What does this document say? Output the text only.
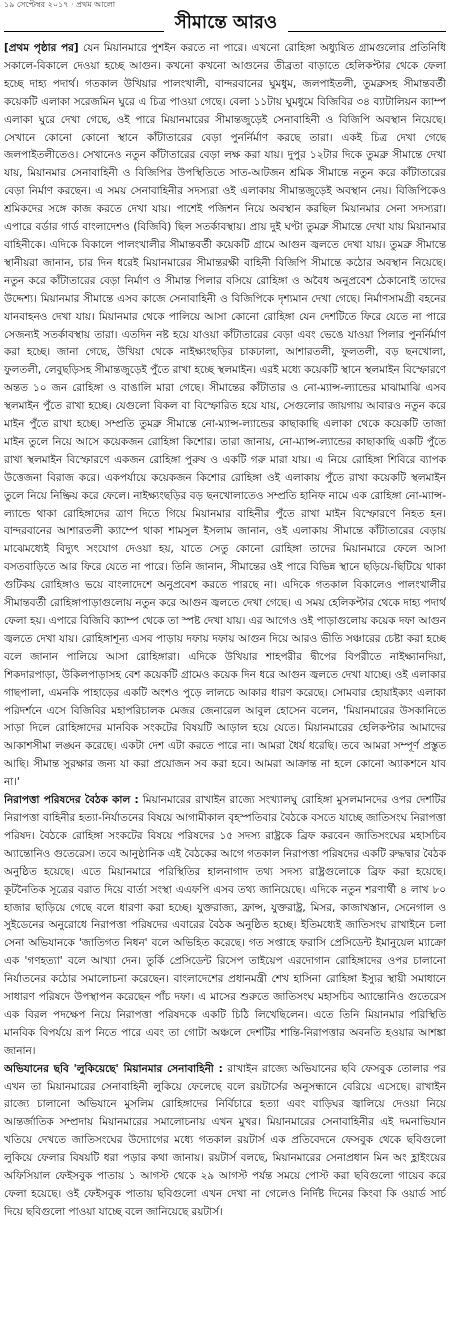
১৯ সেপ্টেম্বর ২০১৭ · প্রথম আলো
সীমান্তে আরও

[প্রথম পৃষ্ঠার পর] যেন মিয়ানমারে পুশইন করতে না পারে। এখনো রোহিঙ্গা অধ্যুষিত গ্রামগুলোর প্রতিনিধি সকালে-বিকালে দেওয়া হচ্ছে আগুন। কখনো কখনো আগুনের তীব্রতা বাড়াতে হেলিকপ্টার থেকে ফেলা হচ্ছে দাহ্য পদার্থ। গতকাল উখিয়ার পালংখালী, বান্দরবানের ঘুমধুম, জলপাইতলী, তুমব্রুসহ সীমান্তবর্তী কয়েকটি এলাকা সরেজমিন ঘুরে এ চিত্র পাওয়া গেছে। বেলা ১১টায় ঘুমধুমে বিজিবির ৩৪ ব্যাটালিয়ন ক্যাম্প এলাকা ঘুরে দেখা গেছে, ওই পারে মিয়ানমারের সীমান্তজুড়েই সেনাবাহিনী ও বিজিপি অবস্থান নিয়েছে। সেখানে কোনো কোনো স্থানে কাঁটাতারের বেড়া পুনর্নির্মাণ করছে তারা। একই চিত্র দেখা গেছে জলপাইতলীতেও। সেখানেও নতুন কাঁটাতারের বেড়া লক্ষ করা যায়। দুপুর ১২টার দিকে তুমব্রু সীমান্তে দেখা যায়, মিয়ানমার সেনাবাহিনী ও বিজিপির উপস্থিতিতে সাত-আটজন শ্রমিক সীমান্তে নতুন করে কাঁটাতারের বেড়া নির্মাণ করছেন। এ সময় সেনাবাহিনীর সদস্যরা ওই এলাকায় সীমান্তজুড়েই অবস্থান নেয়। বিজিপিকেও শ্রমিকদের সঙ্গে কাজ করতে দেখা যায়। পাশেই পজিশন নিয়ে অবস্থান করছিল মিয়ানমার সেনা সদস্যরা। এপারে বর্ডার গার্ড বাংলাদেশও (বিজিবি) ছিল সতর্কাবস্থায়। প্রায় দুই ঘণ্টা তুমব্রু সীমান্তে দেখা যায় মিয়ানমার বাহিনীকে। এদিকে বিকালে পালংখালীর সীমান্তবর্তী কয়েকটি গ্রামে আগুন জ্বলতে দেখা যায়। তুমব্রু সীমান্তে স্থানীয়রা জানান, চার দিন ধরেই মিয়ানমারের সীমান্তরক্ষী বাহিনী বিজিপি সীমান্তে কঠোর অবস্থান নিয়েছে। নতুন করে কাঁটাতারের বেড়া নির্মাণ ও সীমান্ত পিলার বসিয়ে রোহিঙ্গা ও অবৈধ অনুপ্রবেশ ঠেকানোই তাদের উদ্দেশ্য। মিয়ানমার সীমান্তে এসব কাজে সেনাবাহিনী ও বিজিপিকে দৃশ্যমান দেখা গেছে। নির্মাণসামগ্রী বহনের যানবাহনও দেখা যায়। মিয়ানমার থেকে পালিয়ে আসা কোনো রোহিঙ্গা যেন দেশটিতে ফিরে যেতে না পারে সেজন্যই সতর্কাবস্থায় তারা। এতদিন নষ্ট হয়ে যাওয়া কাঁটাতারের বেড়া এবং ভেঙে যাওয়া পিলার পুনর্নির্মাণ করা হচ্ছে। জানা গেছে, উখিয়া থেকে নাইক্ষ্যংছড়ির চাকঢালা, আশারতলী, ফুলতলী, বড় ছনখোলা, ফুলতলী, লেবুছড়িসহ সীমান্তজুড়েই পুঁতে রাখা হচ্ছে স্থলমাইন। এরই মধ্যে কয়েকটি স্থানে স্থলমাইন বিস্ফোরণে অন্তত ১০ জন রোহিঙ্গা ও বাঙালি মারা গেছে। সীমান্তের কাঁটাতার ও নো-ম্যান্স-ল্যান্ডের মাঝামাঝি এসব স্থলমাইন পুঁতে রাখা হচ্ছে। যেগুলো বিকল বা বিস্ফোরিত হয়ে যায়, সেগুলোর জায়গায় আবারও নতুন করে মাইন পুঁতে রাখা হচ্ছে। সম্প্রতি তুমব্রু সীমান্তে নো-ম্যান্স-ল্যান্ডের কাছাকাছি এলাকা থেকে কয়েকটি তাজা মাইন তুলে নিয়ে আসে কয়েকজন রোহিঙ্গা কিশোর। তারা জানায়, নো-ম্যান্স-ল্যান্ডের কাছাকাছি একটি পুঁতে রাখা স্থলমাইন বিস্ফোরণে একজন রোহিঙ্গা পুরুষ ও একটি গরু মারা যায়। এ নিয়ে রোহিঙ্গা শিবিরে ব্যাপক উত্তেজনা বিরাজ করে। একপর্যায়ে কয়েকজন কিশোর রোহিঙ্গা ওই এলাকায় পুঁতে রাখা কয়েকটি স্থলমাইন তুলে নিয়ে নিষ্ক্রিয় করে ফেলে। নাইক্ষ্যংছড়ির বড় ছনখোলাতেও সম্প্রতি হানিফ নামে এক রোহিঙ্গা নো-ম্যান্স-ল্যান্ডে থাকা রোহিঙ্গাদের ত্রাণ দিতে গিয়ে মিয়ানমার বাহিনীর পুঁতে রাখা মাইন বিস্ফোরণে নিহত হন। বান্দরবানের আশারতলী ক্যাম্পে থাকা শামসুল ইসলাম জানান, ওই এলাকায় সীমান্তে কাঁটাতারের বেড়ায় মাঝেমধ্যেই বিদ্যুৎ সংযোগ দেওয়া হয়, যাতে সেতু কোনো রোহিঙ্গা তাদের মিয়ানমারে ফেলে আসা বসতবাড়িতে আর ফিরে যেতে না পারে। তিনি জানান, সীমান্তের ওই পারে বিভিন্ন স্থানে ছড়িয়ে-ছিটিয়ে থাকা গুটিকয় রোহিঙ্গাও ভয়ে বাংলাদেশে অনুপ্রবেশ করতে পারছে না। এদিকে গতকাল বিকালেও পালংখালীর সীমান্তবর্তী রোহিঙ্গাপাড়াগুলোয় নতুন করে আগুন জ্বলতে দেখা গেছে। এ সময় হেলিকপ্টার থেকে দাহ্য পদার্থ ফেলা হয়। এপারে বিজিবি ক্যাম্প থেকে তা স্পষ্ট দেখা যায়। এর আগেও ওই পাড়াগুলোয় কয়েক দফা আগুন জ্বলতে দেখা যায়। রোহিঙ্গাশূন্য এসব পাড়ায় দফায় দফায় আগুন দিয়ে আরও ভীতি সঞ্চারের চেষ্টা করা হচ্ছে বলে জানান পালিয়ে আসা রোহিঙ্গারা। এদিকে উখিয়ার শাহপরীর দ্বীপের বিপরীতে নাইক্ষ্যানদিয়া, শিকদারপাড়া, উকিলপাড়াসহ বেশ কয়েকটি গ্রামেও কয়েক দিন ধরে আগুন জ্বলতে দেখা যাচ্ছে। ওই এলাকার গাছপালা, এমনকি পাহাড়ের একটি অংশও পুড়ে লালচে আকার ধারণ করেছে। সোমবার হোয়াইক্যং এলাকা পরিদর্শনে এসে বিজিবির মহাপরিচালক মেজর জেনারেল আবুল হোসেন বলেন, 'মিয়ানমারের উসকানিতে সাড়া দিলে রোহিঙ্গাদের মানবিক সংকটের বিষয়টি আড়াল হয়ে যেতে। মিয়ানমারের হেলিকপ্টার আমাদের আকাশসীমা লঙ্ঘন করেছে। একটা দেশ এটা করতে পারে না। আমরা ধৈর্য ধরেছি। তবে আমরা সম্পূর্ণ প্রস্তুত আছি। সীমান্ত সুরক্ষার জন্য যা করা প্রয়োজন সব করা হবে। আমরা আক্রান্ত না হলে কোনো অ্যাকশনে যাব না।'

নিরাপত্তা পরিষদের বৈঠক কাল : মিয়ানমারের রাখাইন রাজ্যে সংখ্যালঘু রোহিঙ্গা মুসলমানদের ওপর দেশটির নিরাপত্তা বাহিনীর হত্যা-নির্যাতনের বিষয়ে আগামীকাল বৃহস্পতিবার বৈঠকে বসতে যাচ্ছে জাতিসংঘ নিরাপত্তা পরিষদ। বৈঠকে রোহিঙ্গা সংকটের বিষয়ে পরিষদের ১৫ সদস্য রাষ্ট্রকে ব্রিফ করবেন জাতিসংঘের মহাসচিব অ্যান্তোনিও গুতেরেস। তবে আনুষ্ঠানিক এই বৈঠকের আগে গতকাল নিরাপত্তা পরিষদের একটি রুদ্ধদ্বার বৈঠক অনুষ্ঠিত হয়েছে। এতে মিয়ানমারে পরিস্থিতির হালনাগাদ তথ্য সদস্য রাষ্ট্রগুলোকে ব্রিফ করা হয়েছে। কূটনৈতিক সূত্রের বরাত দিয়ে বার্তা সংস্থা এএফপি এসব তথ্য জানিয়েছে। এদিকে নতুন শরণার্থী ৪ লাখ ৮০ হাজার ছাড়িয়ে গেছে বলে ধারণা করা হচ্ছে। যুক্তরাজ্য, ফ্রান্স, যুক্তরাষ্ট্র, মিসর, কাজাখস্তান, সেনেগাল ও সুইডেনের অনুরোধে নিরাপত্তা পরিষদের এবারের বৈঠক অনুষ্ঠিত হচ্ছে। ইতিমধ্যেই জাতিসংঘ রাখাইনে চলা সেনা অভিযানকে 'জাতিগত নিধন' বলে অভিহিত করেছে। গত সপ্তাহে ফরাসি প্রেসিডেন্ট ইমানুয়েল ম্যাক্রো এক 'গণহত্যা' বলে আখ্যা দেন। তুর্কি প্রেসিডেন্ট রিসেপ তাইয়েপ এরদোগান রোহিঙ্গাদের ওপর চালানো নির্যাতনের কঠোর সমালোচনা করেছেন। বাংলাদেশের প্রধানমন্ত্রী শেখ হাসিনা রোহিঙ্গা ইস্যুর স্থায়ী সমাধানে সাধারণ পরিষদে উপস্থাপন করেছেন পাঁচ দফা। এ মাসের শুরুতে জাতিসংঘ মহাসচিব অ্যান্তোনিও গুতেরেস এক বিরল পদক্ষেপ নিয়ে নিরাপত্তা পরিষদকে একটি চিঠি লিখেছিলেন। এতে তিনি মিয়ানমার পরিস্থিতি মানবিক বিপর্যয়ে রূপ নিতে পারে এবং তা গোটা অঞ্চলে দেশটির শান্তি-নিরাপত্তার অবনতি হওয়ার আশঙ্কা জানান।

অভিযানের ছবি 'লুকিয়েছে' মিয়ানমার সেনাবাহিনী : রাখাইন রাজ্যে অভিযানের ছবি ফেসবুক তোলার পর এখন তা মিয়ানমারের সেনাবাহিনী লুকিয়ে ফেলেছে বলে রয়টার্সের অনুসন্ধানে বেরিয়ে এসেছে। রাখাইন রাজ্যে চালানো অভিযানে মুসলিম রোহিঙ্গাদের নির্বিচারে হত্যা এবং বাড়িঘর জ্বালিয়ে দেওয়া নিয়ে আন্তর্জাতিক সম্প্রদায় মিয়ানমারের সমালোচনায় এখন মুখর। মিয়ানমারের সেনাবাহিনীর এই দমনাভিযান খতিয়ে দেখতে জাতিসংঘের উদ্যোগের মধ্যে গতকাল রয়টার্স এক প্রতিবেদনে ফেসবুক থেকে ছবিগুলো লুকিয়ে ফেলার বিষয়টি ধরা পড়ার কথা জানায়। রয়টার্স বলছে, মিয়ানমারের সেনাপ্রধান মিন অং হ্লাইংয়ের অফিসিয়াল ফেইসবুক পাতায় ১ আগস্ট থেকে ২৯ আগস্ট পর্যন্ত সময়ে পোস্ট করা ছবিগুলো গায়েব করে ফেলা হয়েছে। ওই ফেইসবুক পাতায় ছবিগুলো এখন দেখা না গেলেও নির্দিষ্ট দিনের কিংবা কি ওয়ার্ড সার্চ দিয়ে ছবিগুলো পাওয়া যাচ্ছে বলে জানিয়েছে রয়টার্স।
